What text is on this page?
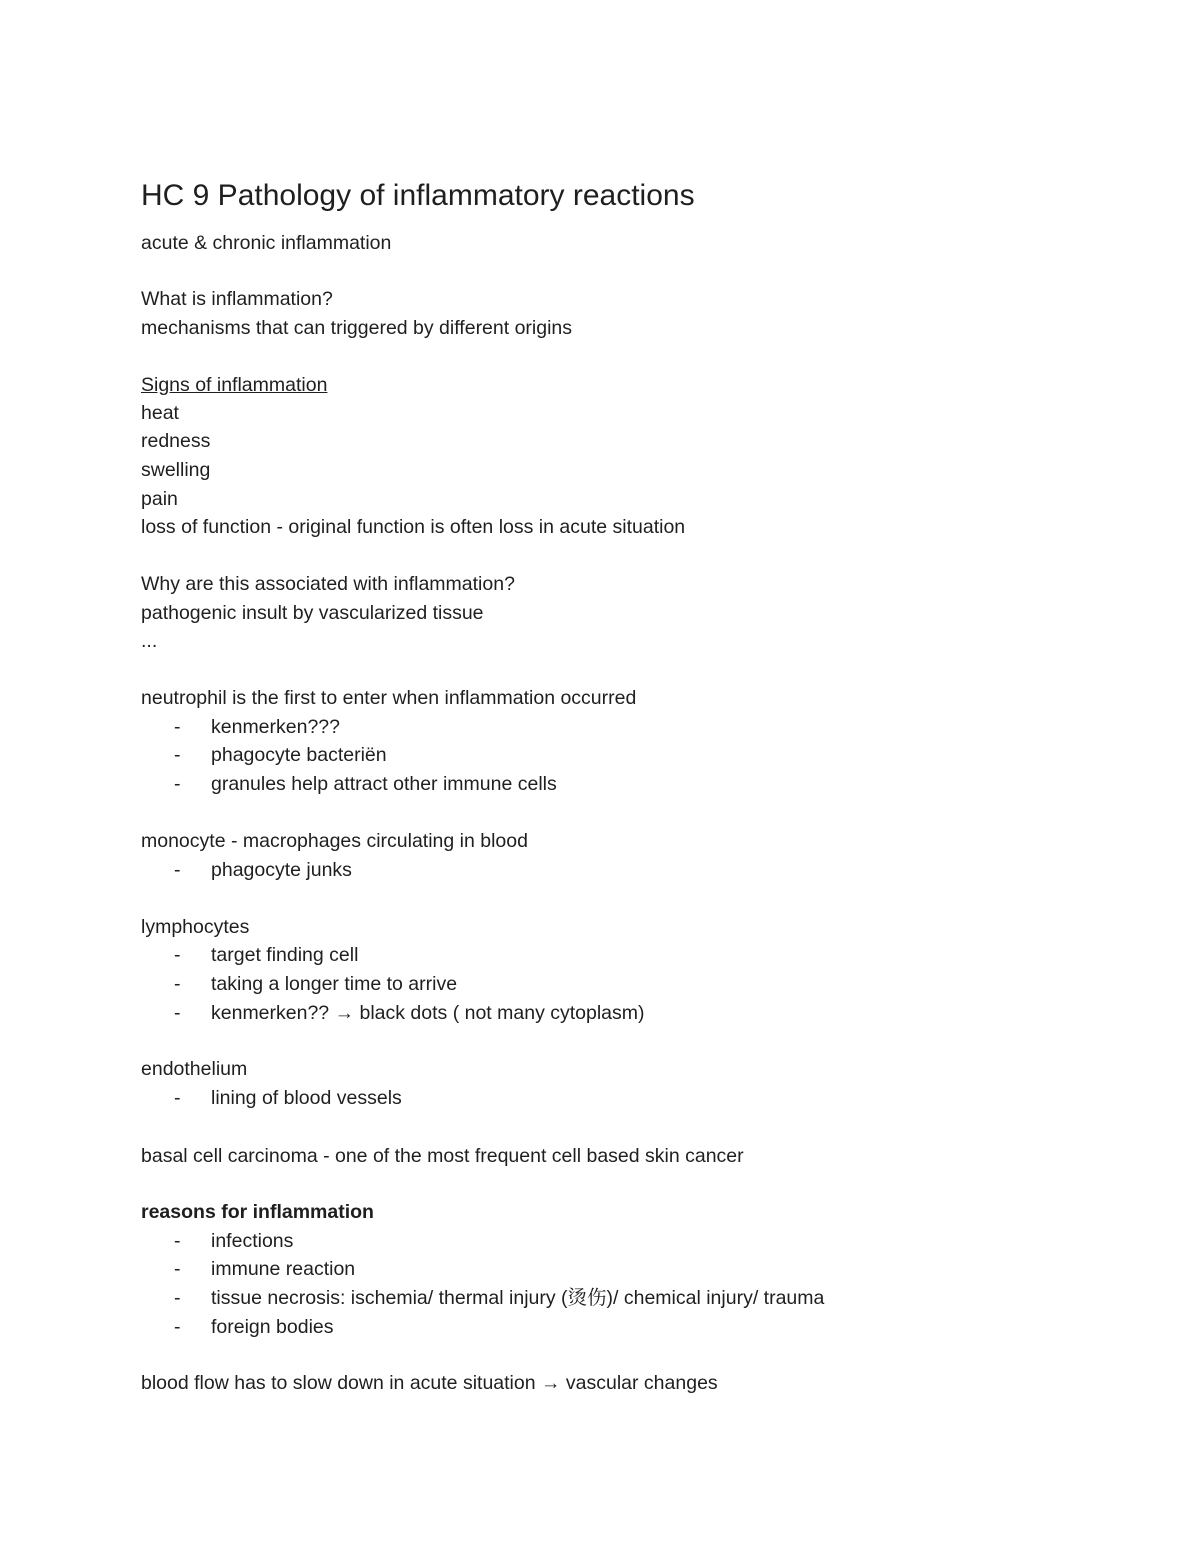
HC 9 Pathology of inflammatory reactions
acute & chronic inflammation
What is inflammation?
mechanisms that can triggered by different origins
Signs of inflammation
heat
redness
swelling
pain
loss of function - original function is often loss in acute situation
Why are this associated with inflammation?
pathogenic insult by vascularized tissue
...
neutrophil is the first to enter when inflammation occurred
- kenmerken???
- phagocyte bacteriën
- granules help attract other immune cells
monocyte - macrophages circulating in blood
- phagocyte junks
lymphocytes
- target finding cell
- taking a longer time to arrive
- kenmerken?? → black dots ( not many cytoplasm)
endothelium
- lining of blood vessels
basal cell carcinoma - one of the most frequent cell based skin cancer
reasons for inflammation
- infections
- immune reaction
- tissue necrosis: ischemia/ thermal injury (烫伤)/ chemical injury/ trauma
- foreign bodies
blood flow has to slow down in acute situation → vascular changes
